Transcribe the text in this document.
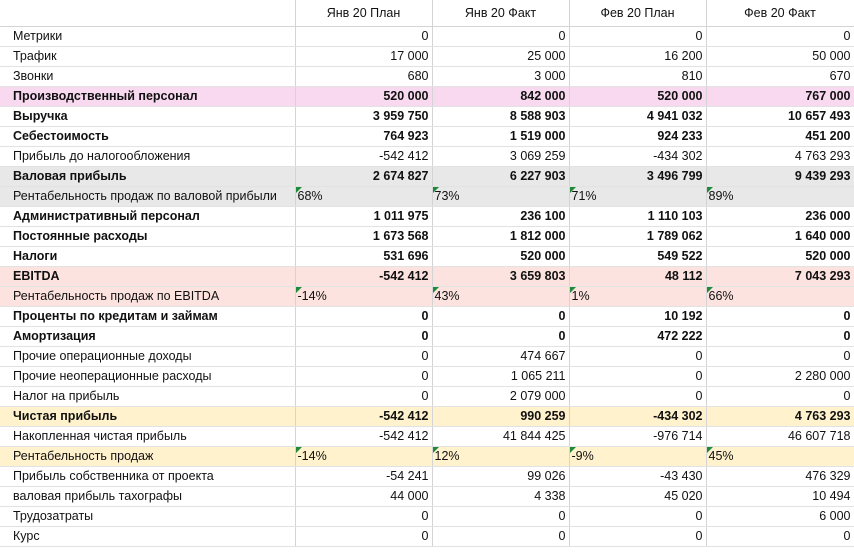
	Янв 20 План	Янв 20 Факт	Фев 20 План	Фев 20 Факт
Метрики	0	0	0	0
Трафик	17 000	25 000	16 200	50 000
Звонки	680	3 000	810	670
Производственный персонал	520 000	842 000	520 000	767 000
Выручка	3 959 750	8 588 903	4 941 032	10 657 493
Себестоимость	764 923	1 519 000	924 233	451 200
Прибыль до налогообложения	-542 412	3 069 259	-434 302	4 763 293
Валовая прибыль	2 674 827	6 227 903	3 496 799	9 439 293
Рентабельность продаж по валовой прибыли	68%	73%	71%	89%
Административный персонал	1 011 975	236 100	1 110 103	236 000
Постоянные расходы	1 673 568	1 812 000	1 789 062	1 640 000
Налоги	531 696	520 000	549 522	520 000
EBITDA	-542 412	3 659 803	48 112	7 043 293
Рентабельность продаж по EBITDA	-14%	43%	1%	66%
Проценты по кредитам и займам	0	0	10 192	0
Амортизация	0	0	472 222	0
Прочие операционные доходы	0	474 667	0	0
Прочие неоперационные расходы	0	1 065 211	0	2 280 000
Налог на прибыль	0	2 079 000	0	0
Чистая прибыль	-542 412	990 259	-434 302	4 763 293
Накопленная чистая прибыль	-542 412	41 844 425	-976 714	46 607 718
Рентабельность продаж	-14%	12%	-9%	45%
Прибыль собственника от проекта	-54 241	99 026	-43 430	476 329
валовая прибыль тахографы	44 000	4 338	45 020	10 494
Трудозатраты	0	0	0	6 000
Курс	0	0	0	0
